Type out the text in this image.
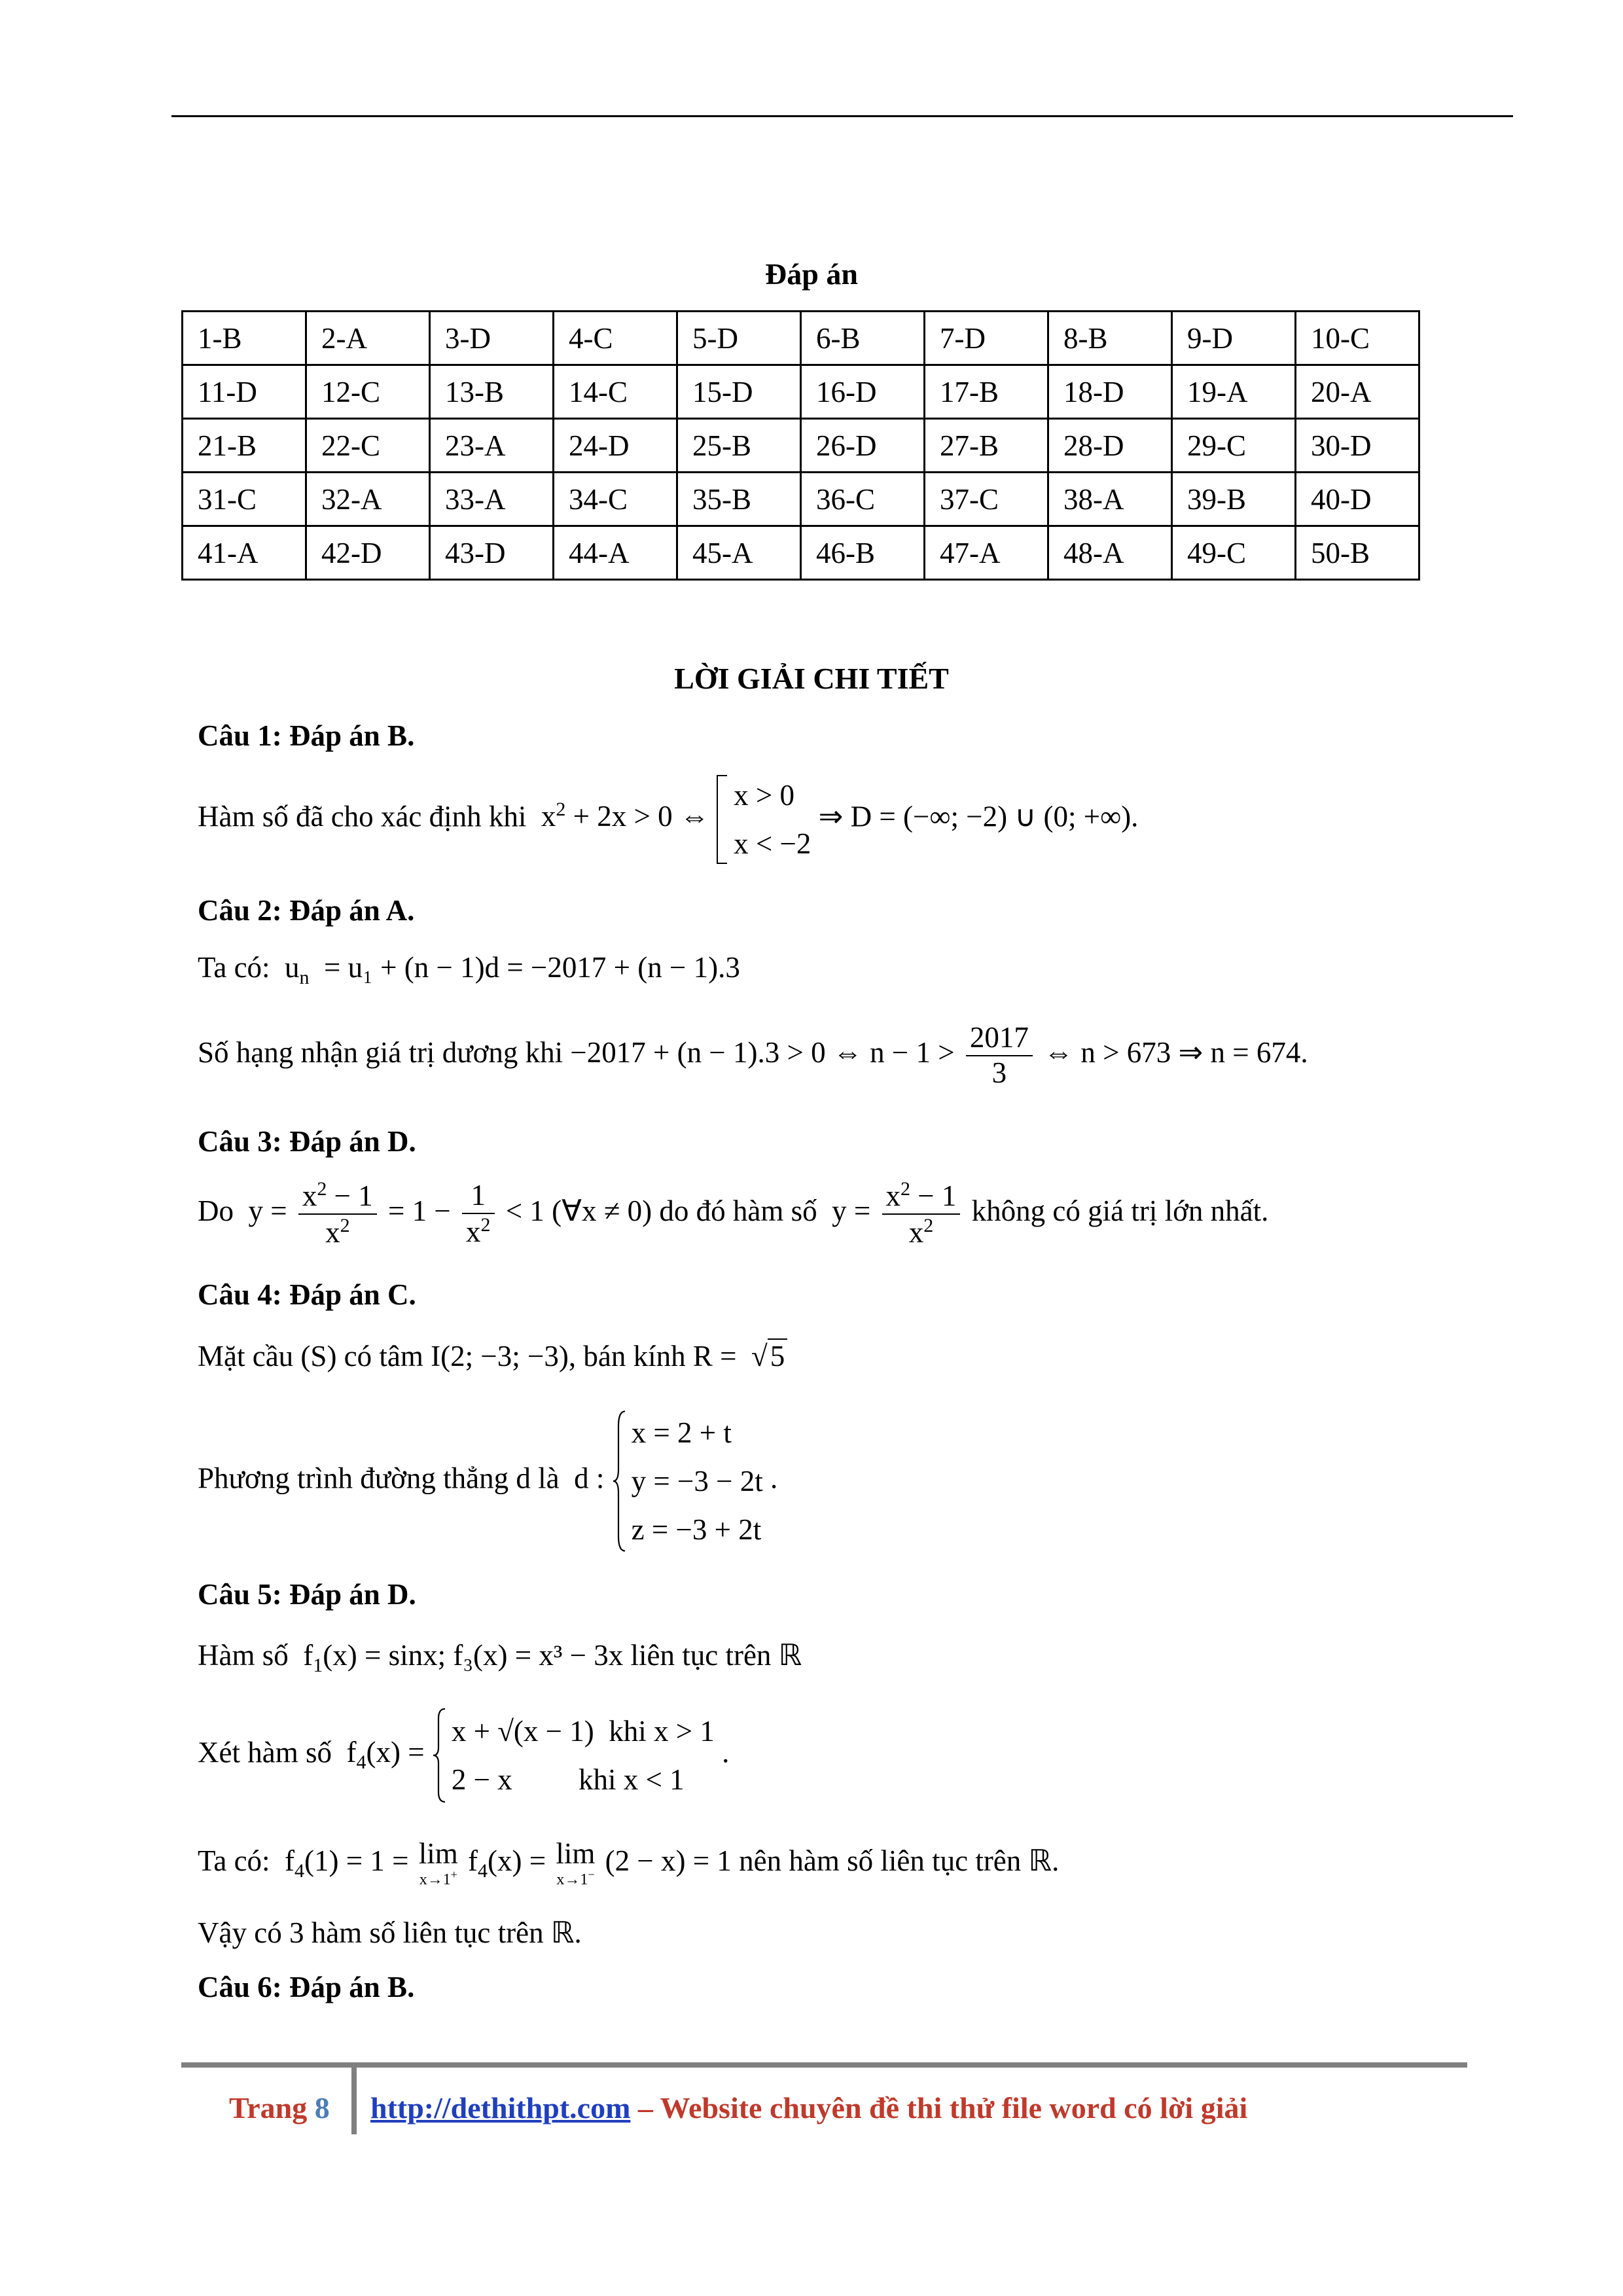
Đáp án
1-B	2-A	3-D	4-C	5-D	6-B	7-D	8-B	9-D	10-C
11-D	12-C	13-B	14-C	15-D	16-D	17-B	18-D	19-A	20-A
21-B	22-C	23-A	24-D	25-B	26-D	27-B	28-D	29-C	30-D
31-C	32-A	33-A	34-C	35-B	36-C	37-C	38-A	39-B	40-D
41-A	42-D	43-D	44-A	45-A	46-B	47-A	48-A	49-C	50-B
LỜI GIẢI CHI TIẾT
Câu 1: Đáp án B.
Hàm số đã cho xác định khi  $x^2 + 2x > 0$ ⇔
x > 0
x < −2
⇒ D = (−∞; −2) ∪ (0; +∞).
Câu 2: Đáp án A.
Ta có:  $u_n = u_1 + (n - 1)d = -2017 + (n - 1).3$
Số hạng nhận giá trị dương khi −2017 + (n − 1).3 > 0 ⇔ $n - 1 > \frac{2017}{3}$ ⇔ n > 673 ⇒ n = 674.
Câu 3: Đáp án D.
Do  $y = \frac{x^2 - 1}{x^2} = 1 - \frac{1}{x^2} < 1$ (∀x ≠ 0) do đó hàm số  $y = \frac{x^2 - 1}{x^2}$ không có giá trị lớn nhất.
Câu 4: Đáp án C.
Mặt cầu (S) có tâm I(2; −3; −3), bán kính R =  √5
Phương trình đường thẳng d là  d :
x = 2 + t
y = −3 − 2t
z = −3 + 2t
.
Câu 5: Đáp án D.
Hàm số  $f_1(x) = \sin x$; f₃(x) = x³ − 3x liên tục trên ℝ
Xét hàm số  $f_4(x)$ =
x + √(x − 1)  khi x > 1
2 − x         khi x < 1
.
Ta có:  $f_4(1) = 1 = \lim$
x→1+ $f_4(x) = \lim$
x→1− (2 − x) = 1 nên hàm số liên tục trên ℝ.
Vậy có 3 hàm số liên tục trên ℝ.
Câu 6: Đáp án B.
Trang 8 http://dethithpt.com – Website chuyên đề thi thử file word có lời giải
